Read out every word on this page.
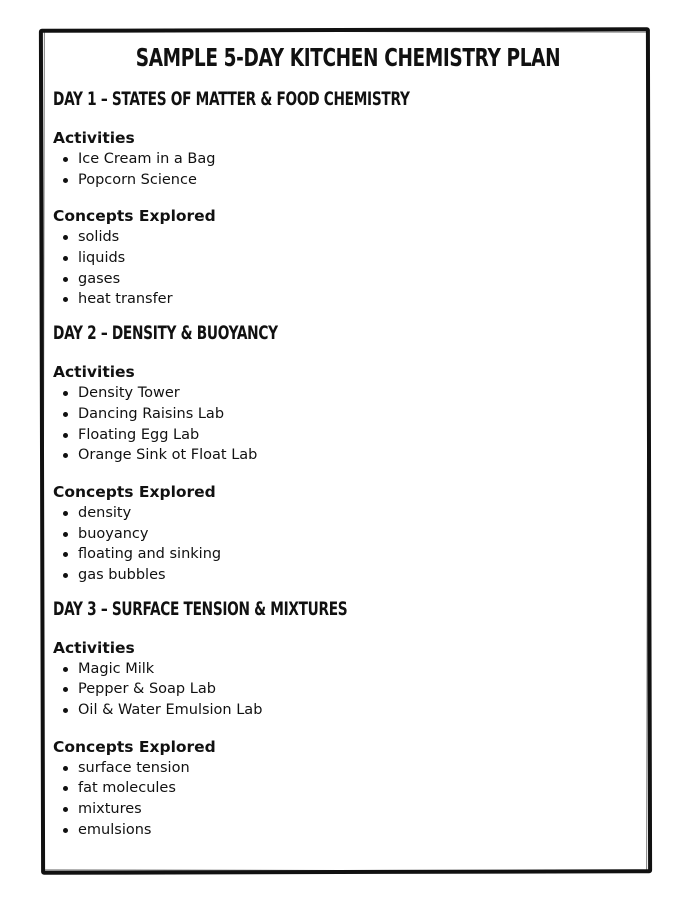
SAMPLE 5-DAY KITCHEN CHEMISTRY PLAN
DAY 1 – STATES OF MATTER & FOOD CHEMISTRY
Activities
Ice Cream in a Bag
Popcorn Science
Concepts Explored
solids
liquids
gases
heat transfer
DAY 2 – DENSITY & BUOYANCY
Activities
Density Tower
Dancing Raisins Lab
Floating Egg Lab
Orange Sink ot Float Lab
Concepts Explored
density
buoyancy
floating and sinking
gas bubbles
DAY 3 – SURFACE TENSION & MIXTURES
Activities
Magic Milk
Pepper & Soap Lab
Oil & Water Emulsion Lab
Concepts Explored
surface tension
fat molecules
mixtures
emulsions
